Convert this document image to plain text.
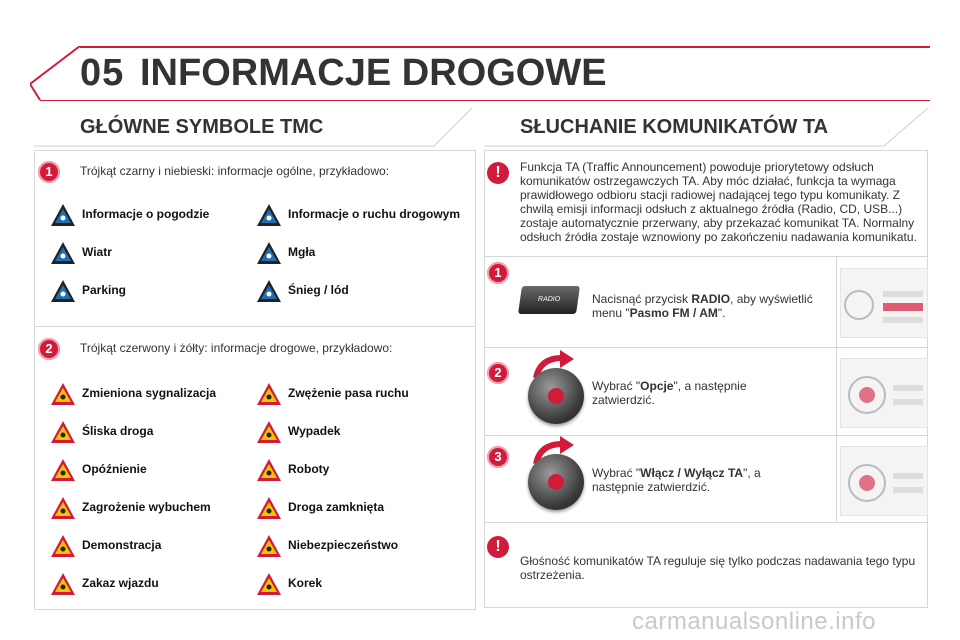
05 INFORMACJE DROGOWE
GŁÓWNE SYMBOLE TMC
1	Trójkąt czarny i niebieski: informacje ogólne, przykładowo:
Informacje o pogodzie	Informacje o ruchu drogowym
Wiatr	Mgła
Parking	Śnieg / lód
2	Trójkąt czerwony i żółty: informacje drogowe, przykładowo:
Zmieniona sygnalizacja	Zwężenie pasa ruchu
Śliska droga	Wypadek
Opóźnienie	Roboty
Zagrożenie wybuchem	Droga zamknięta
Demonstracja	Niebezpieczeństwo
Zakaz wjazdu	Korek
SŁUCHANIE KOMUNIKATÓW TA
!	Funkcja TA (Traffic Announcement) powoduje priorytetowy odsłuch komunikatów ostrzegawczych TA. Aby móc działać, funkcja ta wymaga prawidłowego odbioru stacji radiowej nadającej tego typu komunikaty. Z chwilą emisji informacji odsłuch z aktualnego źródła (Radio, CD, USB...) zostaje automatycznie przerwany, aby przekazać komunikat TA. Normalny odsłuch źródła zostaje wznowiony po zakończeniu nadawania komunikatu.
1
RADIO	Nacisnąć przycisk RADIO, aby wyświetlić menu "Pasmo FM / AM".
2
Wybrać "Opcje", a następnie zatwierdzić.
3
Wybrać "Włącz / Wyłącz TA", a następnie zatwierdzić.
!
Głośność komunikatów TA reguluje się tylko podczas nadawania tego typu ostrzeżenia.
carmanualsonline.info
